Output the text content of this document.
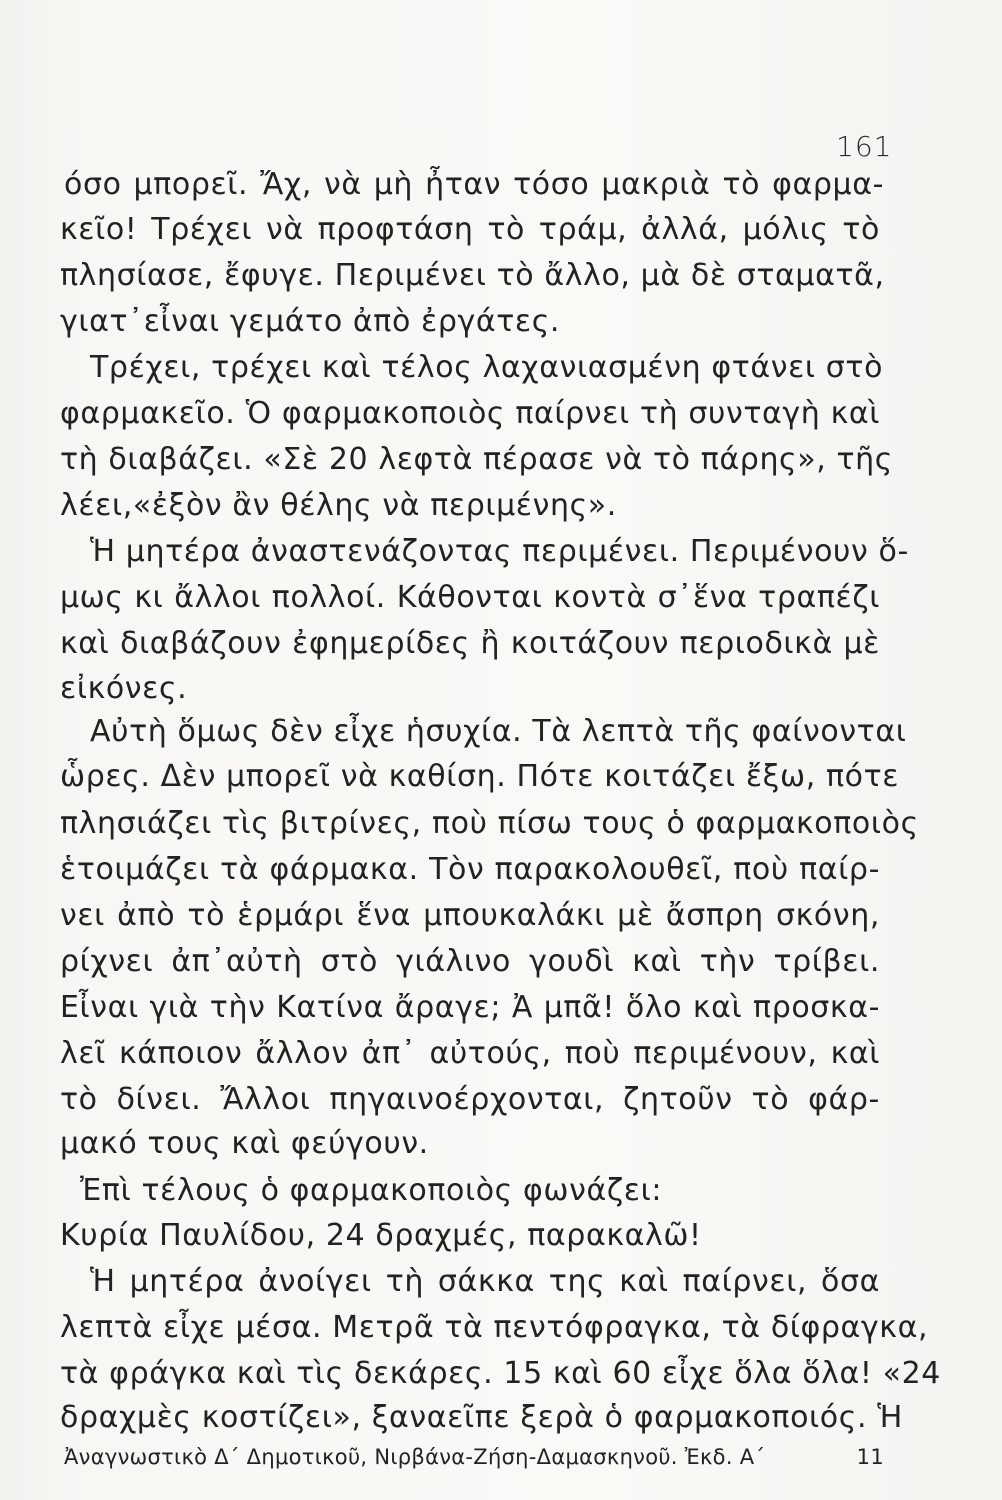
161
όσο μπορεῖ. Ἄχ, νὰ μὴ ἦταν τόσο μακριὰ τὸ φαρμα-
κεῖο! Τρέχει νὰ προφτάση τὸ τράμ, ἀλλά, μόλις τὸ
πλησίασε, ἔφυγε. Περιμένει τὸ ἄλλο, μὰ δὲ σταματᾶ,
γιατ᾽εἶναι γεμάτο ἀπὸ ἐργάτες.
Τρέχει, τρέχει καὶ τέλος λαχανιασμένη φτάνει στὸ
φαρμακεῖο. Ὁ φαρμακοποιὸς παίρνει τὴ συνταγὴ καὶ
τὴ διαβάζει. «Σὲ 20 λεφτὰ πέρασε νὰ τὸ πάρης», τῆς
λέει,«ἐξὸν ἂν θέλης νὰ περιμένης».
Ἡ μητέρα ἀναστενάζοντας περιμένει. Περιμένουν ὅ-
μως κι ἄλλοι πολλοί. Κάθονται κοντὰ σ᾽ἕνα τραπέζι
καὶ διαβάζουν ἐφημερίδες ἢ κοιτάζουν περιοδικὰ μὲ
εἰκόνες.
Αὐτὴ ὅμως δὲν εἶχε ἡσυχία. Τὰ λεπτὰ τῆς φαίνονται
ὧρες. Δὲν μπορεῖ νὰ καθίση. Πότε κοιτάζει ἔξω, πότε
πλησιάζει τὶς βιτρίνες, ποὺ πίσω τους ὁ φαρμακοποιὸς
ἑτοιμάζει τὰ φάρμακα. Τὸν παρακολουθεῖ, ποὺ παίρ-
νει ἀπὸ τὸ ἑρμάρι ἕνα μπουκαλάκι μὲ ἄσπρη σκόνη,
ρίχνει ἀπ᾽αὐτὴ στὸ γιάλινο γουδὶ καὶ τὴν τρίβει.
Εἶναι γιὰ τὴν Κατίνα ἄραγε; Ἀ μπᾶ! ὅλο καὶ προσκα-
λεῖ κάποιον ἄλλον ἀπ᾽ αὐτούς, ποὺ περιμένουν, καὶ
τὸ δίνει. Ἄλλοι πηγαινοέρχονται, ζητοῦν τὸ φάρ-
μακό τους καὶ φεύγουν.
Ἐπὶ τέλους ὁ φαρμακοποιὸς φωνάζει:
Κυρία Παυλίδου, 24 δραχμές, παρακαλῶ!
Ἡ μητέρα ἀνοίγει τὴ σάκκα της καὶ παίρνει, ὅσα
λεπτὰ εἶχε μέσα. Μετρᾶ τὰ πεντόφραγκα, τὰ δίφραγκα,
τὰ φράγκα καὶ τὶς δεκάρες. 15 καὶ 60 εἶχε ὅλα ὅλα! «24
δραχμὲς κοστίζει», ξαναεῖπε ξερὰ ὁ φαρμακοποιός. Ἡ
Ἀναγνωστικὸ Δ΄ Δημοτικοῦ, Νιρβάνα-Ζήση-Δαμασκηνοῦ. Ἐκδ. Α΄	11
